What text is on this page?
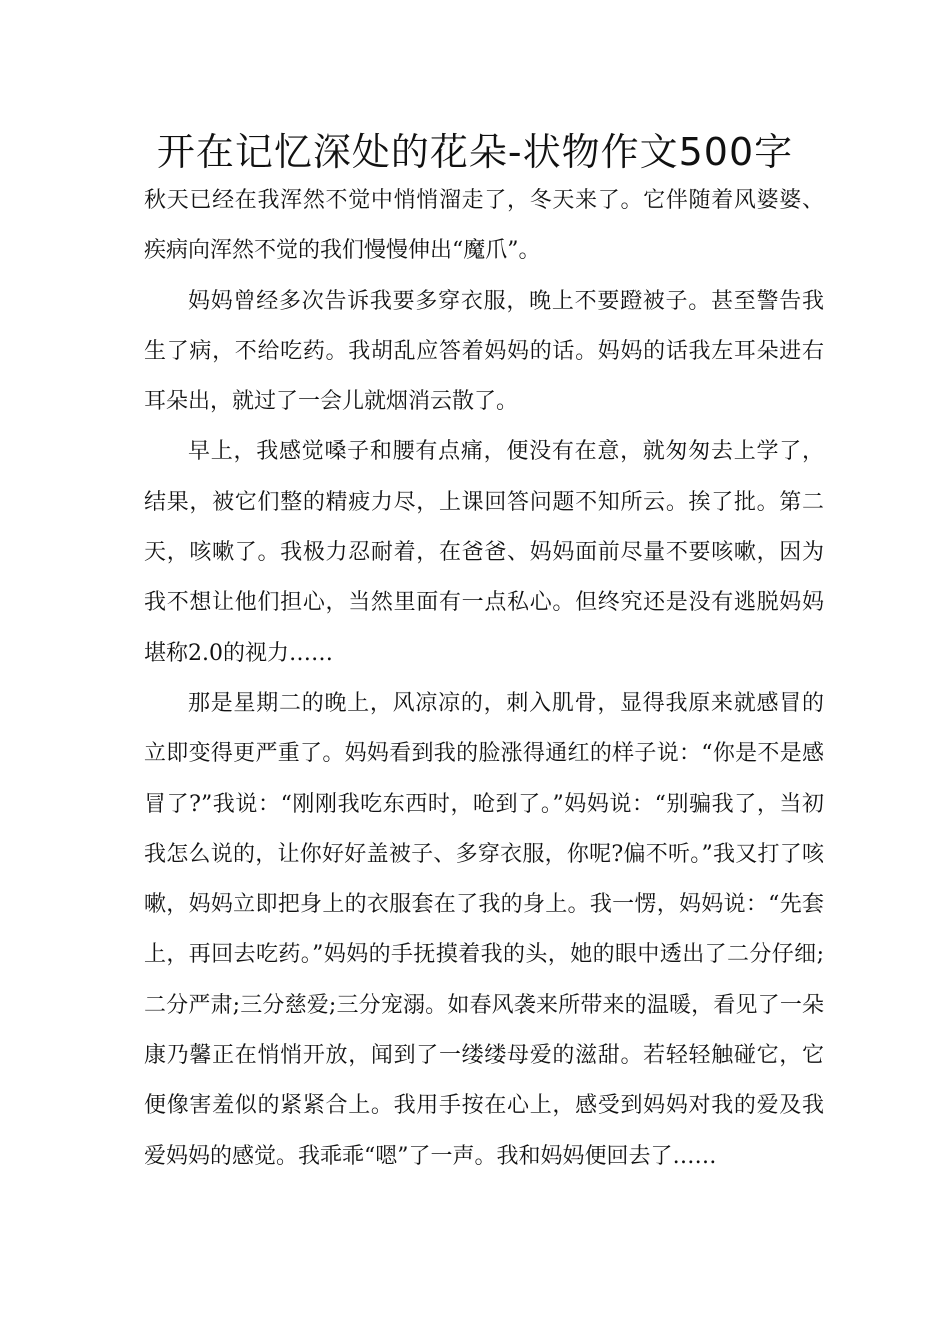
开在记忆深处的花朵-状物作文500字

秋天已经在我浑然不觉中悄悄溜走了，冬天来了。它伴随着风婆婆、疾病向浑然不觉的我们慢慢伸出“魔爪”。

妈妈曾经多次告诉我要多穿衣服，晚上不要蹬被子。甚至警告我生了病，不给吃药。我胡乱应答着妈妈的话。妈妈的话我左耳朵进右耳朵出，就过了一会儿就烟消云散了。

早上，我感觉嗓子和腰有点痛，便没有在意，就匆匆去上学了，结果，被它们整的精疲力尽，上课回答问题不知所云。挨了批。第二天，咳嗽了。我极力忍耐着，在爸爸、妈妈面前尽量不要咳嗽，因为我不想让他们担心，当然里面有一点私心。但终究还是没有逃脱妈妈堪称2.0的视力……

那是星期二的晚上，风凉凉的，刺入肌骨，显得我原来就感冒的立即变得更严重了。妈妈看到我的脸涨得通红的样子说：“你是不是感冒了?”我说：“刚刚我吃东西时，呛到了。”妈妈说：“别骗我了，当初我怎么说的，让你好好盖被子、多穿衣服，你呢?偏不听。”我又打了咳嗽，妈妈立即把身上的衣服套在了我的身上。我一愣，妈妈说：“先套上，再回去吃药。”妈妈的手抚摸着我的头，她的眼中透出了二分仔细;二分严肃;三分慈爱;三分宠溺。如春风袭来所带来的温暖，看见了一朵康乃馨正在悄悄开放，闻到了一缕缕母爱的滋甜。若轻轻触碰它，它便像害羞似的紧紧合上。我用手按在心上，感受到妈妈对我的爱及我爱妈妈的感觉。我乖乖“嗯”了一声。我和妈妈便回去了……
